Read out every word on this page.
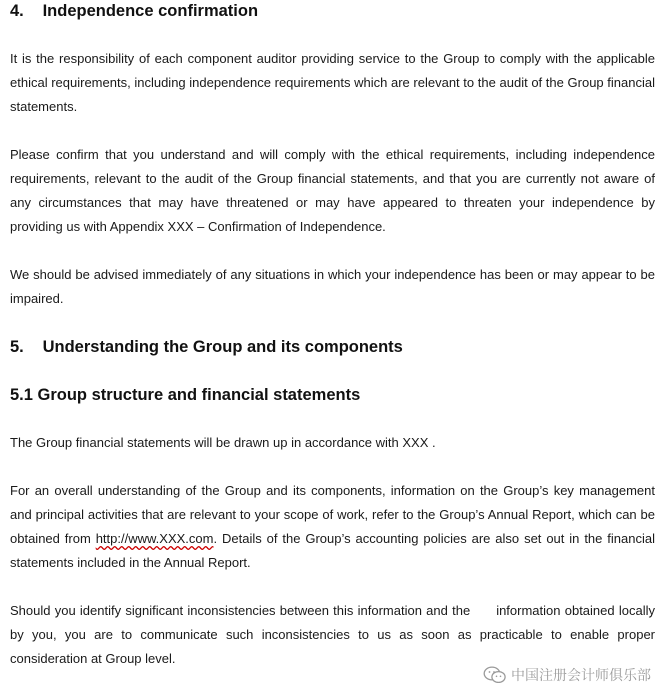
4. Independence confirmation

It is the responsibility of each component auditor providing service to the Group to comply with the applicable ethical requirements, including independence requirements which are relevant to the audit of the Group financial statements.

Please confirm that you understand and will comply with the ethical requirements, including independence requirements, relevant to the audit of the Group financial statements, and that you are currently not aware of any circumstances that may have threatened or may have appeared to threaten your independence by providing us with Appendix XXX – Confirmation of Independence.

We should be advised immediately of any situations in which your independence has been or may appear to be impaired.

5. Understanding the Group and its components
5.1 Group structure and financial statements

The Group financial statements will be drawn up in accordance with XXX .

For an overall understanding of the Group and its components, information on the Group’s key management and principal activities that are relevant to your scope of work, refer to the Group’s Annual Report, which can be obtained from http://www.XXX.com. Details of the Group’s accounting policies are also set out in the financial statements included in the Annual Report.

Should you identify significant inconsistencies between this information and the information obtained locally by you, you are to communicate such inconsistencies to us as soon as practicable to enable proper consideration at Group level.

中国注册会计师俱乐部
